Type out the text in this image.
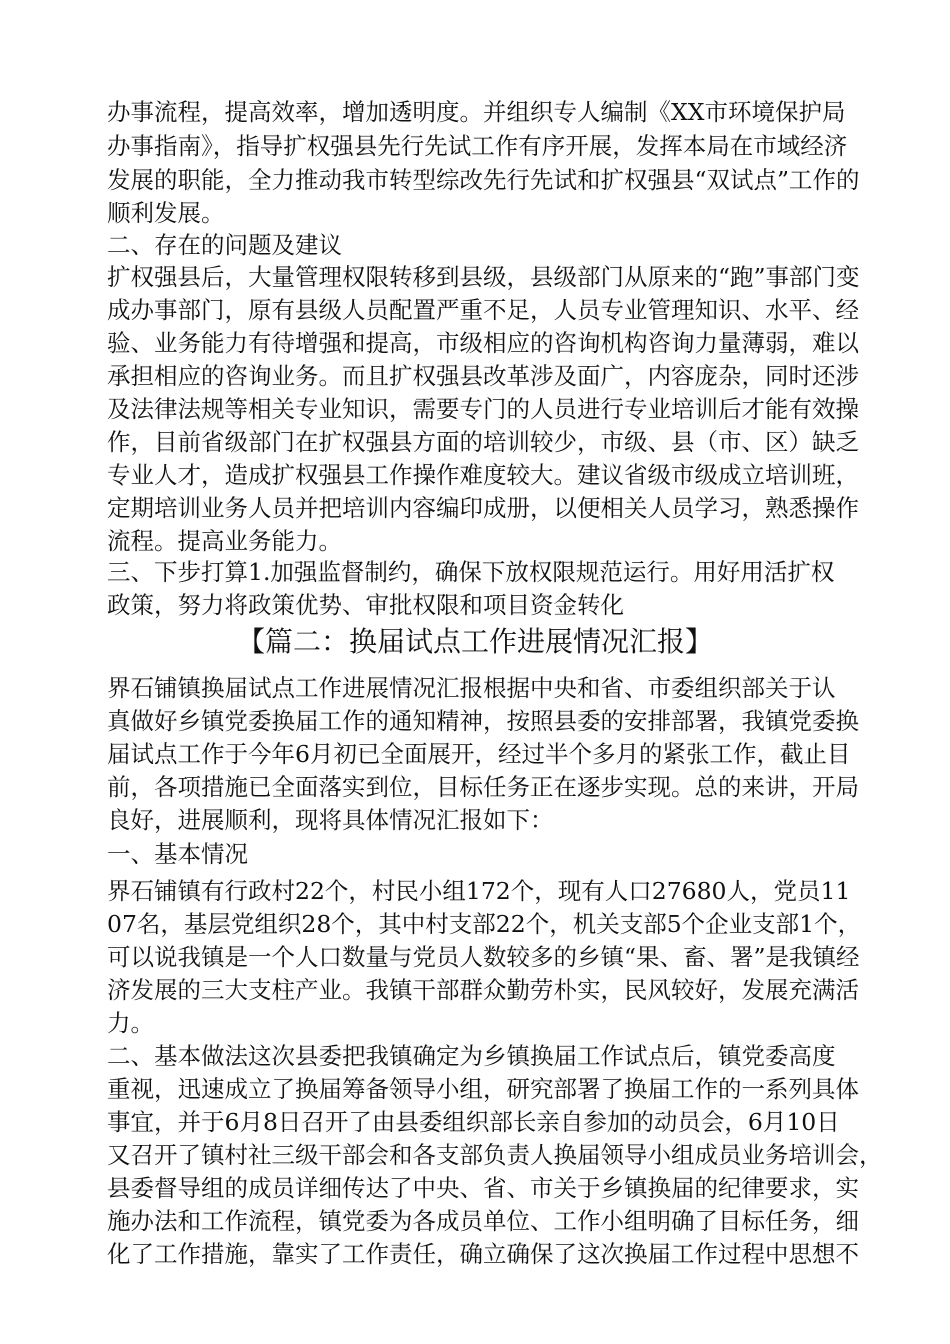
办事流程，提高效率，增加透明度。并组织专人编制《XX市环境保护局
办事指南》，指导扩权强县先行先试工作有序开展，发挥本局在市域经济
发展的职能，全力推动我市转型综改先行先试和扩权强县“双试点”工作的
顺利发展。
二、存在的问题及建议
扩权强县后，大量管理权限转移到县级，县级部门从原来的“跑”事部门变
成办事部门，原有县级人员配置严重不足，人员专业管理知识、水平、经
验、业务能力有待增强和提高，市级相应的咨询机构咨询力量薄弱，难以
承担相应的咨询业务。而且扩权强县改革涉及面广，内容庞杂，同时还涉
及法律法规等相关专业知识，需要专门的人员进行专业培训后才能有效操
作，目前省级部门在扩权强县方面的培训较少，市级、县（市、区）缺乏
专业人才，造成扩权强县工作操作难度较大。建议省级市级成立培训班，
定期培训业务人员并把培训内容编印成册，以便相关人员学习，熟悉操作
流程。提高业务能力。
三、下步打算1.加强监督制约，确保下放权限规范运行。用好用活扩权
政策，努力将政策优势、审批权限和项目资金转化
【篇二：换届试点工作进展情况汇报】
界石铺镇换届试点工作进展情况汇报根据中央和省、市委组织部关于认
真做好乡镇党委换届工作的通知精神，按照县委的安排部署，我镇党委换
届试点工作于今年6月初已全面展开，经过半个多月的紧张工作，截止目
前，各项措施已全面落实到位，目标任务正在逐步实现。总的来讲，开局
良好，进展顺利，现将具体情况汇报如下：
一、基本情况
界石铺镇有行政村22个，村民小组172个，现有人口27680人，党员11
07名，基层党组织28个，其中村支部22个，机关支部5个企业支部1个，
可以说我镇是一个人口数量与党员人数较多的乡镇“果、畜、署”是我镇经
济发展的三大支柱产业。我镇干部群众勤劳朴实，民风较好，发展充满活
力。
二、基本做法这次县委把我镇确定为乡镇换届工作试点后，镇党委高度
重视，迅速成立了换届筹备领导小组，研究部署了换届工作的一系列具体
事宜，并于6月8日召开了由县委组织部长亲自参加的动员会，6月10日
又召开了镇村社三级干部会和各支部负责人换届领导小组成员业务培训会，
县委督导组的成员详细传达了中央、省、市关于乡镇换届的纪律要求，实
施办法和工作流程，镇党委为各成员单位、工作小组明确了目标任务，细
化了工作措施，靠实了工作责任，确立确保了这次换届工作过程中思想不
